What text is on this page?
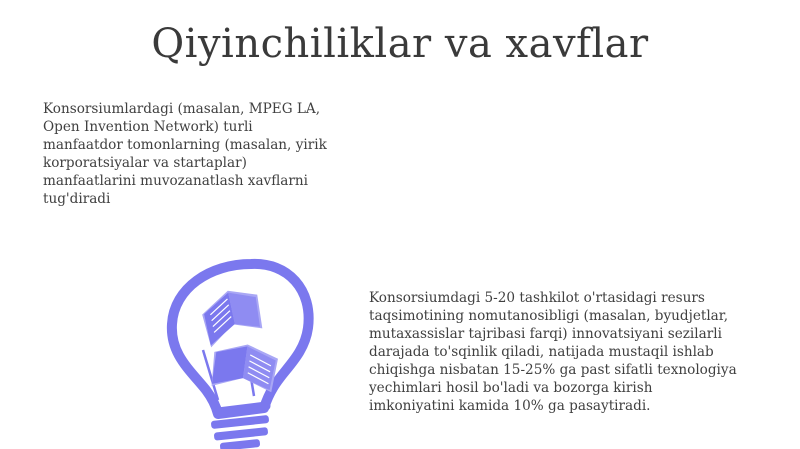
Qiyinchiliklar va xavflar

Konsorsiumlardagi (masalan, MPEG LA,
Open Invention Network) turli
manfaatdor tomonlarning (masalan, yirik
korporatsiyalar va startaplar)
manfaatlarini muvozanatlash xavflarni
tug'diradi

Konsorsiumdagi 5-20 tashkilot o'rtasidagi resurs
taqsimotining nomutanosibligi (masalan, byudjetlar,
mutaxassislar tajribasi farqi) innovatsiyani sezilarli
darajada to'sqinlik qiladi, natijada mustaqil ishlab
chiqishga nisbatan 15-25% ga past sifatli texnologiya
yechimlari hosil bo'ladi va bozorga kirish
imkoniyatini kamida 10% ga pasaytiradi.
